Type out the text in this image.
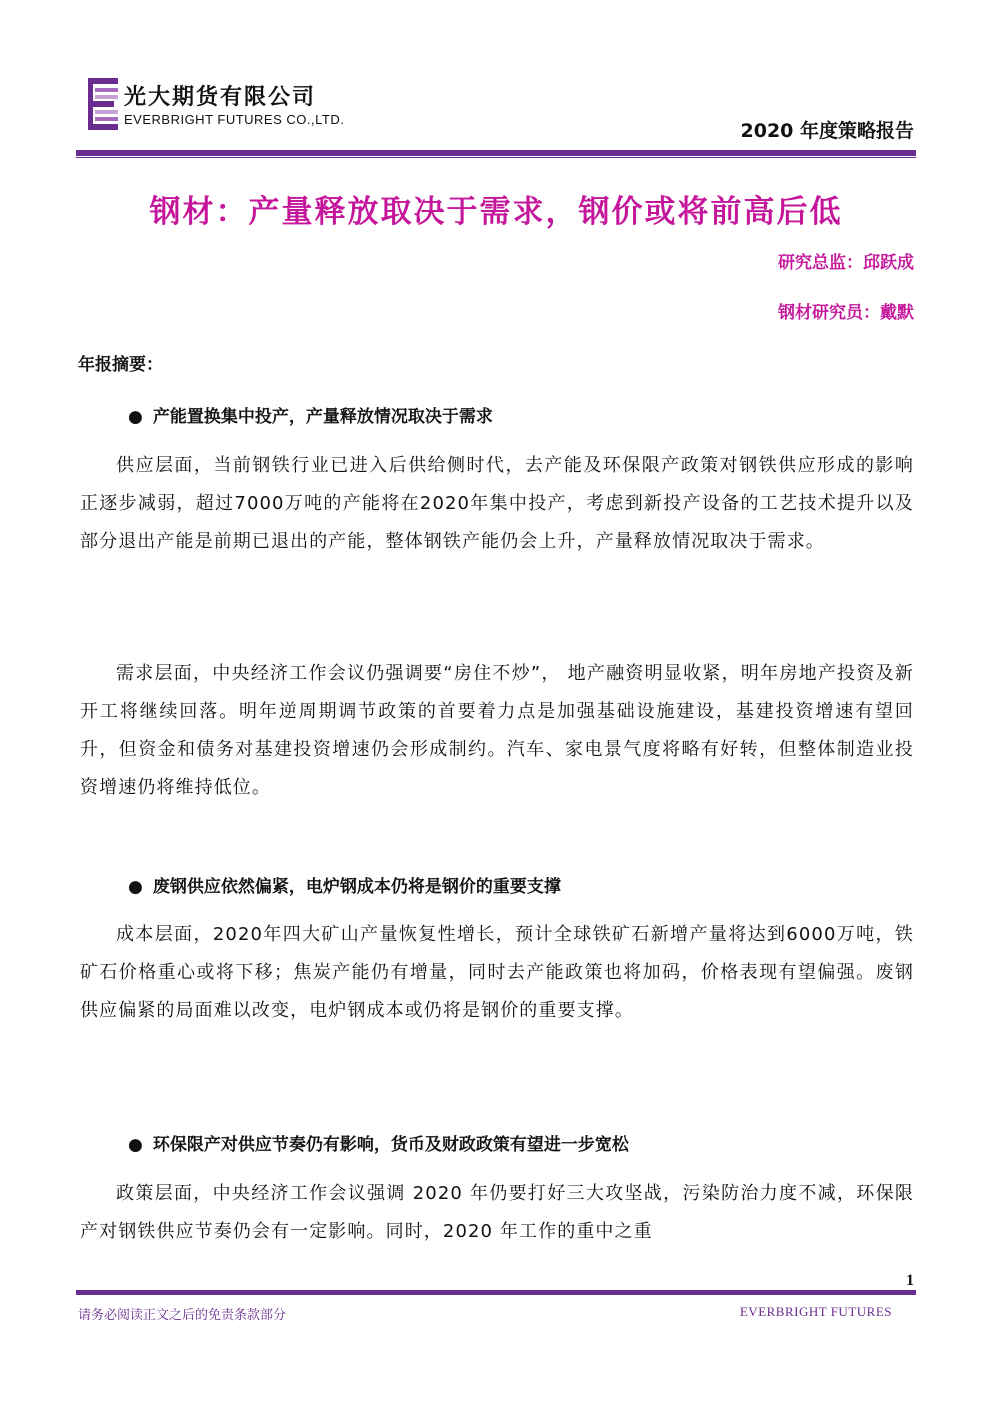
光大期货有限公司
EVERBRIGHT FUTURES CO.,LTD.
2020 年度策略报告
钢材：产量释放取决于需求，钢价或将前高后低
研究总监：邱跃成
钢材研究员：戴默
年报摘要：
● 产能置换集中投产，产量释放情况取决于需求
供应层面，当前钢铁行业已进入后供给侧时代，去产能及环保限产政策对钢铁供应形成的影响正逐步减弱，超过7000万吨的产能将在2020年集中投产，考虑到新投产设备的工艺技术提升以及部分退出产能是前期已退出的产能，整体钢铁产能仍会上升，产量释放情况取决于需求。
需求层面，中央经济工作会议仍强调要“房住不炒”， 地产融资明显收紧，明年房地产投资及新开工将继续回落。明年逆周期调节政策的首要着力点是加强基础设施建设，基建投资增速有望回升，但资金和债务对基建投资增速仍会形成制约。汽车、家电景气度将略有好转，但整体制造业投资增速仍将维持低位。
● 废钢供应依然偏紧，电炉钢成本仍将是钢价的重要支撑
成本层面，2020年四大矿山产量恢复性增长，预计全球铁矿石新增产量将达到6000万吨，铁矿石价格重心或将下移；焦炭产能仍有增量，同时去产能政策也将加码，价格表现有望偏强。废钢供应偏紧的局面难以改变，电炉钢成本或仍将是钢价的重要支撑。
● 环保限产对供应节奏仍有影响，货币及财政政策有望进一步宽松
政策层面，中央经济工作会议强调 2020 年仍要打好三大攻坚战，污染防治力度不减，环保限产对钢铁供应节奏仍会有一定影响。同时，2020 年工作的重中之重
1
请务必阅读正文之后的免责条款部分	EVERBRIGHT FUTURES
